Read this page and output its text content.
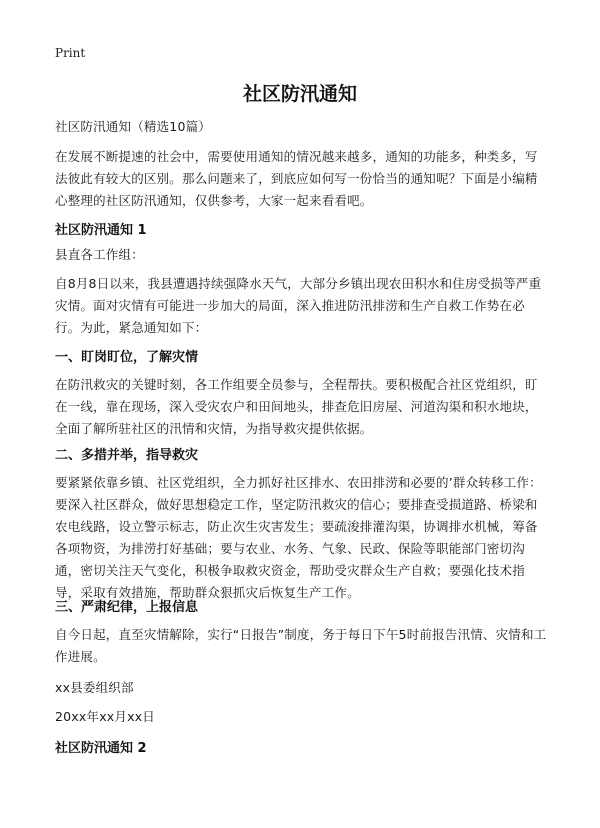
Print
社区防汛通知
社区防汛通知（精选10篇）
在发展不断提速的社会中，需要使用通知的情况越来越多，通知的功能多，种类多，写法彼此有较大的区别。那么问题来了，到底应如何写一份恰当的通知呢？下面是小编精心整理的社区防汛通知，仅供参考，大家一起来看看吧。
社区防汛通知 1
县直各工作组：
自8月8日以来，我县遭遇持续强降水天气，大部分乡镇出现农田积水和住房受损等严重灾情。面对灾情有可能进一步加大的局面，深入推进防汛排涝和生产自救工作势在必行。为此，紧急通知如下：
一、盯岗盯位，了解灾情
在防汛救灾的关键时刻，各工作组要全员参与，全程帮扶。要积极配合社区党组织，盯在一线，靠在现场，深入受灾农户和田间地头，排查危旧房屋、河道沟渠和积水地块，全面了解所驻社区的汛情和灾情，为指导救灾提供依据。
二、多措并举，指导救灾
要紧紧依靠乡镇、社区党组织，全力抓好社区排水、农田排涝和必要的’群众转移工作：要深入社区群众，做好思想稳定工作，坚定防汛救灾的信心；要排查受损道路、桥梁和农电线路，设立警示标志，防止次生灾害发生；要疏浚排灌沟渠，协调排水机械，筹备各项物资，为排涝打好基础；要与农业、水务、气象、民政、保险等职能部门密切沟通，密切关注天气变化，积极争取救灾资金，帮助受灾群众生产自救；要强化技术指导，采取有效措施，帮助群众狠抓灾后恢复生产工作。
三、严肃纪律，上报信息
自今日起，直至灾情解除，实行“日报告”制度，务于每日下午5时前报告汛情、灾情和工作进展。
xx县委组织部
20xx年xx月xx日
社区防汛通知 2
